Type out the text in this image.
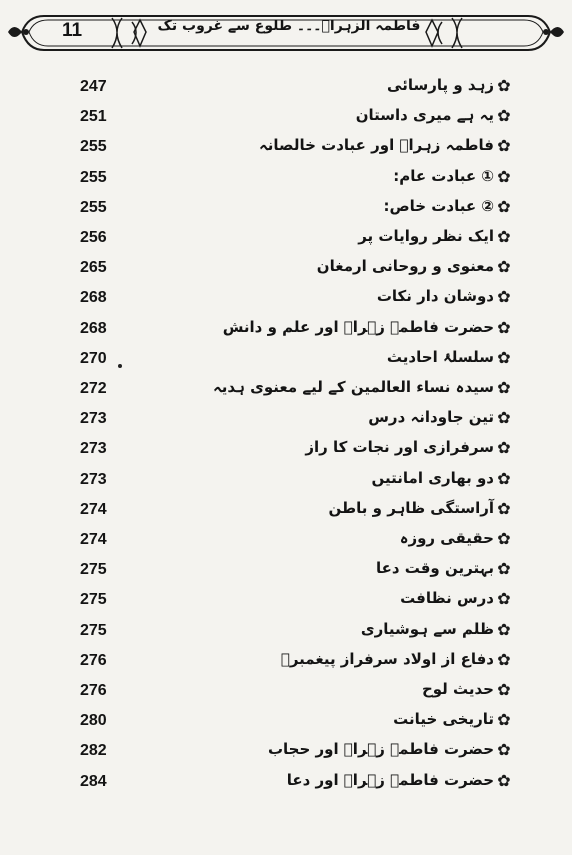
11	فاطمہ الزہراؑ۔۔۔ طلوع سے غروب تک
247	زہد و پارسائی ✿
251	یہ ہے میری داستان ✿
255	فاطمہ زہراؑ اور عبادت خالصانہ ✿
255	① عبادت عام: ✿
255	② عبادت خاص: ✿
256	ایک نظر روایات پر ✿
265	معنوی و روحانی ارمغان ✿
268	دوشان دار نکات ✿
268	حضرت فاطمہ زہراؑ اور علم و دانش ✿
270	سلسلۂ احادیث ✿
272	سیدہ نساء العالمین کے لیے معنوی ہدیہ ✿
273	تین جاودانہ درس ✿
273	سرفرازی اور نجات کا راز ✿
273	دو بھاری امانتیں ✿
274	آراستگی ظاہر و باطن ✿
274	حقیقی روزہ ✿
275	بہترین وقت دعا ✿
275	درس نظافت ✿
275	ظلم سے ہوشیاری ✿
276	دفاع از اولاد سرفراز پیغمبرؐ ✿
276	حدیث لوح ✿
280	تاریخی خیانت ✿
282	حضرت فاطمہ زہراؑ اور حجاب ✿
284	حضرت فاطمہ زہراؑ اور دعا ✿
